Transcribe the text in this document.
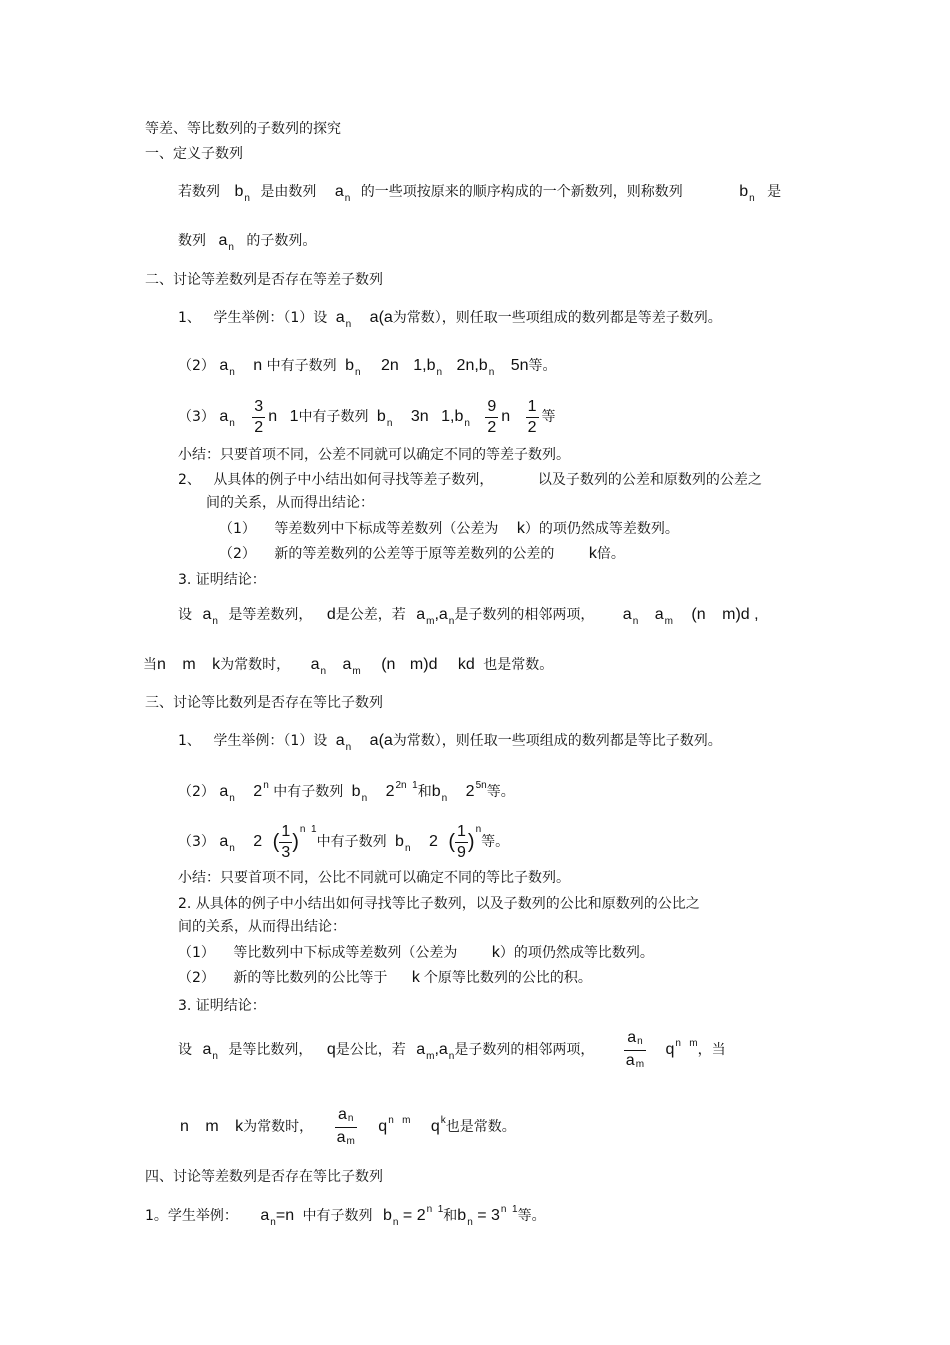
等差、等比数列的子数列的探究
一、定义子数列
若数列 $b_n$ 是由数列 $a_n$ 的一些项按原来的顺序构成的一个新数列，则称数列	$b_n$ 是
数列 $a_n$ 的子数列。
二、讨论等差数列是否存在等差子数列
1、 学生举例：（1）设 $a_n$ a(a为常数），则任取一些项组成的数列都是等差子数列。
（2） $a_n$ n 中有子数列 $b_n$ 2n $1,b_n$ $2n,b_n$ 5n等。
（3） $a_n \frac{3}{2}$ n 1中有子数列 $b_n$ 3n $1,b_n \frac{9}{2}$ n $\frac{1}{2}$ 等
小结：只要首项不同，公差不同就可以确定不同的等差子数列。
2、 从具体的例子中小结出如何寻找等差子数列，	以及子数列的公差和原数列的公差之
间的关系，从而得出结论：
（1） 等差数列中下标成等差数列（公差为 k）的项仍然成等差数列。
（2） 新的等差数列的公差等于原等差数列的公差的 k倍。
3. 证明结论：
设 $a_n$ 是等差数列， d是公差，若 $a_m,a_n$是子数列的相邻两项， $a_n$ $a_m$ (n m)d ,
当n m k为常数时， $a_n$ $a_m$ (n m)d kd 也是常数。
三、讨论等比数列是否存在等比子数列
1、 学生举例：（1）设 $a_n$ a(a为常数），则任取一些项组成的数列都是等比子数列。
（2） $a_n$ 2$^n$ 中有子数列 $b_n$ $2^{2n 1}$和$b_n$ $2^{5n}$等。
（3） $a_n$ 2 ( $\frac{1}{3} )^{n 1}$中有子数列 $b_n$ 2 ( $\frac{1}{9} )^n$等。
小结：只要首项不同，公比不同就可以确定不同的等比子数列。
2. 从具体的例子中小结出如何寻找等比子数列，以及子数列的公比和原数列的公比之
间的关系，从而得出结论：
（1） 等比数列中下标成等差数列（公差为 k）的项仍然成等比数列。
（2） 新的等比数列的公比等于 k 个原等比数列的公比的积。
3. 证明结论：
设 $a_n$ 是等比数列， q是公比，若 $a_m,a_n$是子数列的相邻两项， $\frac{an}{am} q^{n m}$，当
n m k为常数时， $\frac{an}{am} q^{n m}$ $q^k$也是常数。
四、讨论等差数列是否存在等比子数列
1。学生举例： $a_n=n$ 中有子数列 $b_n = 2^{n 1}$和$b_n = 3^{n 1}$等。
